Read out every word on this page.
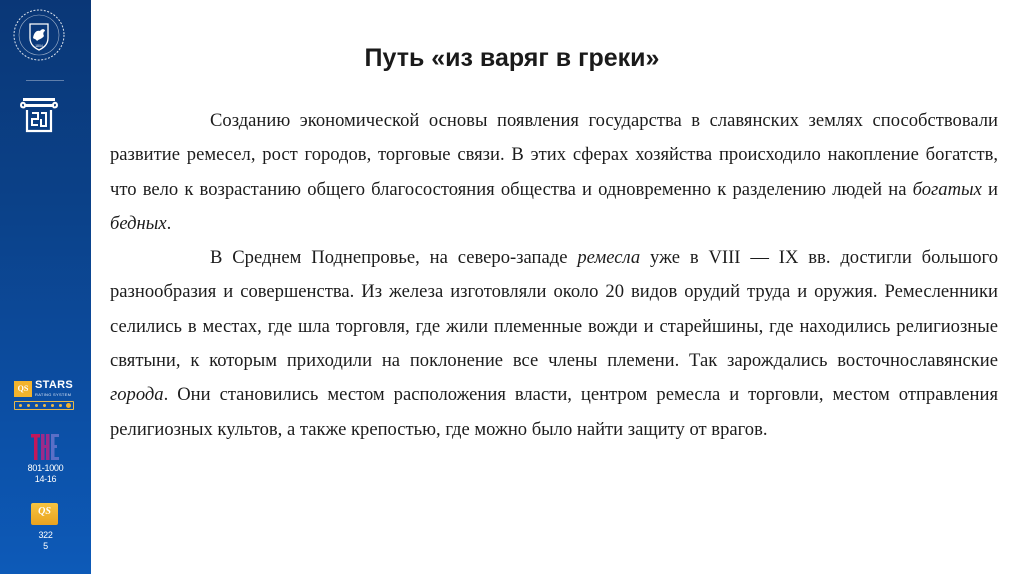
1804
QS STARS
RATING SYSTEM
801-1000
14-16
QS
322
5
Путь «из варяг в греки»

Созданию экономической основы появления государства в славянских землях способствовали развитие ремесел, рост городов, торговые связи. В этих сферах хозяйства происходило накопление богатств, что вело к возрастанию общего благосостояния общества и одновременно к разделению людей на богатых и бедных.

В Среднем Поднепровье, на северо-западе ремесла уже в VIII — IX вв. достигли большого разнообразия и совершенства. Из железа изготовляли около 20 видов орудий труда и оружия. Ремесленники селились в местах, где шла торговля, где жили племенные вожди и старейшины, где находились религиозные святыни, к которым приходили на поклонение все члены племени. Так зарождались восточнославянские города. Они становились местом расположения власти, центром ремесла и торговли, местом отправления религиозных культов, а также крепостью, где можно было найти защиту от врагов.
